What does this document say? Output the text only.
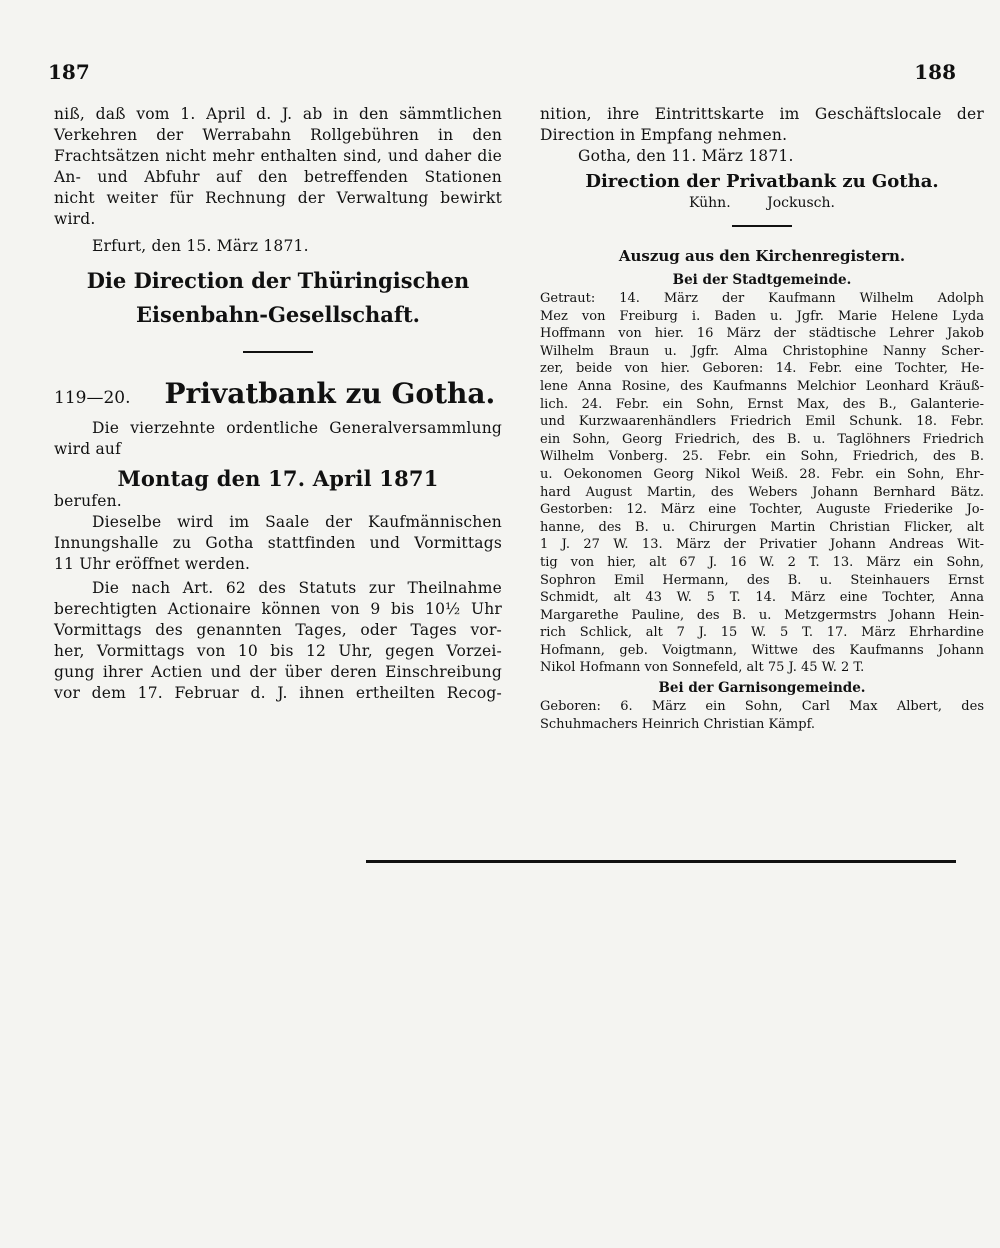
187	188

niß, daß vom 1. April d. J. ab in den sämmtlichen

Verkehren der Werrabahn Rollgebühren in den

Frachtsätzen nicht mehr enthalten sind, und daher die

An- und Abfuhr auf den betreffenden Stationen

nicht weiter für Rechnung der Verwaltung bewirkt

wird.

Erfurt, den 15. März 1871.

Die Direction der Thüringischen
Eisenbahn-Gesellschaft.
119—20. Privatbank zu Gotha.

Die vierzehnte ordentliche Generalversammlung

wird auf

Montag den 17. April 1871

berufen.

Dieselbe wird im Saale der Kaufmännischen

Innungshalle zu Gotha stattfinden und Vormittags

11 Uhr eröffnet werden.

Die nach Art. 62 des Statuts zur Theilnahme

berechtigten Actionaire können von 9 bis 10½ Uhr

Vormittags des genannten Tages, oder Tages vor-

her, Vormittags von 10 bis 12 Uhr, gegen Vorzei-

gung ihrer Actien und der über deren Einschreibung

vor dem 17. Februar d. J. ihnen ertheilten Recog-

nition, ihre Eintrittskarte im Geschäftslocale der

Direction in Empfang nehmen.

Gotha, den 11. März 1871.

Direction der Privatbank zu Gotha.
Kühn.	Jockusch.
Auszug aus den Kirchenregistern.
Bei der Stadtgemeinde.

Getraut: 14. März der Kaufmann Wilhelm Adolph

Mez von Freiburg i. Baden u. Jgfr. Marie Helene Lyda

Hoffmann von hier. 16 März der städtische Lehrer Jakob

Wilhelm Braun u. Jgfr. Alma Christophine Nanny Scher-

zer, beide von hier. Geboren: 14. Febr. eine Tochter, He-

lene Anna Rosine, des Kaufmanns Melchior Leonhard Kräuß-

lich. 24. Febr. ein Sohn, Ernst Max, des B., Galanterie-

und Kurzwaarenhändlers Friedrich Emil Schunk. 18. Febr.

ein Sohn, Georg Friedrich, des B. u. Taglöhners Friedrich

Wilhelm Vonberg. 25. Febr. ein Sohn, Friedrich, des B.

u. Oekonomen Georg Nikol Weiß. 28. Febr. ein Sohn, Ehr-

hard August Martin, des Webers Johann Bernhard Bätz.

Gestorben: 12. März eine Tochter, Auguste Friederike Jo-

hanne, des B. u. Chirurgen Martin Christian Flicker, alt

1 J. 27 W. 13. März der Privatier Johann Andreas Wit-

tig von hier, alt 67 J. 16 W. 2 T. 13. März ein Sohn,

Sophron Emil Hermann, des B. u. Steinhauers Ernst

Schmidt, alt 43 W. 5 T. 14. März eine Tochter, Anna

Margarethe Pauline, des B. u. Metzgermstrs Johann Hein-

rich Schlick, alt 7 J. 15 W. 5 T. 17. März Ehrhardine

Hofmann, geb. Voigtmann, Wittwe des Kaufmanns Johann

Nikol Hofmann von Sonnefeld, alt 75 J. 45 W. 2 T.

Bei der Garnisongemeinde.

Geboren: 6. März ein Sohn, Carl Max Albert, des

Schuhmachers Heinrich Christian Kämpf.
